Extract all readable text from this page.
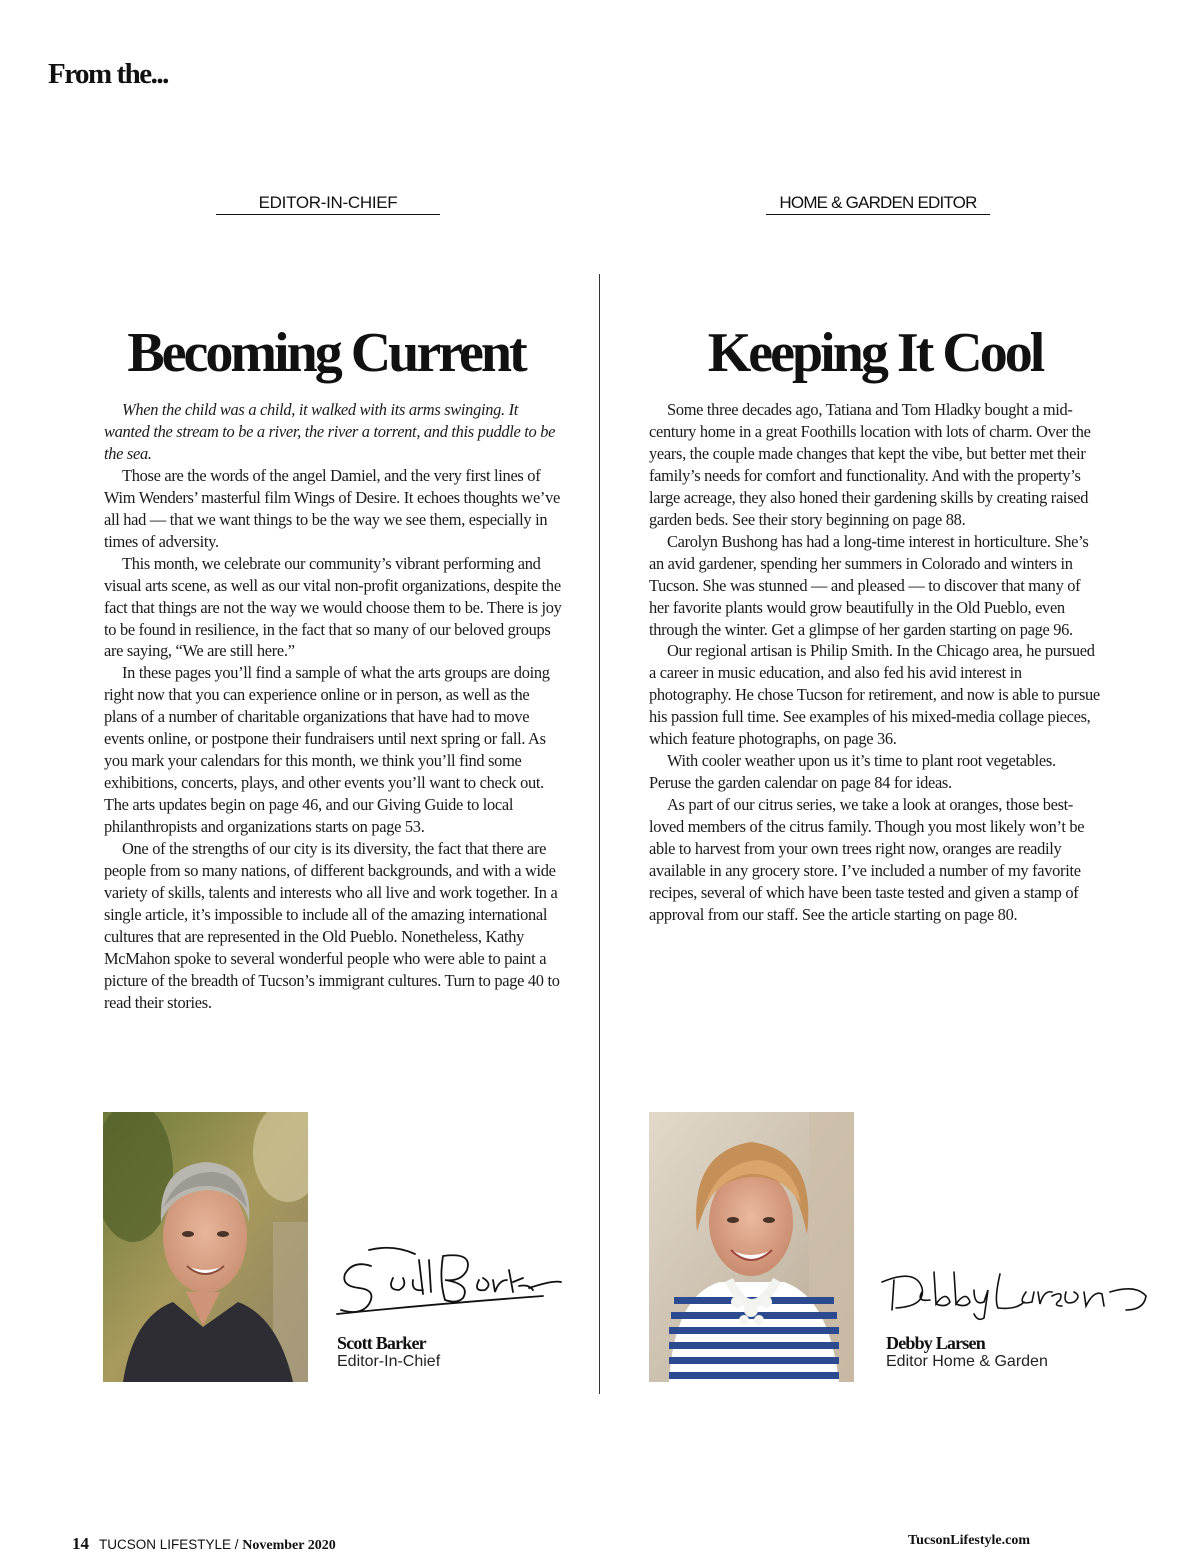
From the...
EDITOR-IN-CHIEF	HOME & GARDEN EDITOR
Becoming Current	Keeping It Cool

When the child was a child, it walked with its arms swinging. It wanted the stream to be a river, the river a torrent, and this puddle to be the sea.

Those are the words of the angel Damiel, and the very first lines of Wim Wenders’ masterful film Wings of Desire. It echoes thoughts we’ve all had — that we want things to be the way we see them, especially in times of adversity.

This month, we celebrate our community’s vibrant performing and visual arts scene, as well as our vital non-profit organizations, despite the fact that things are not the way we would choose them to be. There is joy to be found in resilience, in the fact that so many of our beloved groups are saying, “We are still here.”

In these pages you’ll find a sample of what the arts groups are doing right now that you can experience online or in person, as well as the plans of a number of charitable organizations that have had to move events online, or postpone their fundraisers until next spring or fall. As you mark your calendars for this month, we think you’ll find some exhibitions, concerts, plays, and other events you’ll want to check out. The arts updates begin on page 46, and our Giving Guide to local philanthropists and organizations starts on page 53.

One of the strengths of our city is its diversity, the fact that there are people from so many nations, of different backgrounds, and with a wide variety of skills, talents and interests who all live and work together. In a single article, it’s impossible to include all of the amazing international cultures that are represented in the Old Pueblo. Nonetheless, Kathy McMahon spoke to several wonderful people who were able to paint a picture of the breadth of Tucson’s immigrant cultures. Turn to page 40 to read their stories.

Some three decades ago, Tatiana and Tom Hladky bought a mid-century home in a great Foothills location with lots of charm. Over the years, the couple made changes that kept the vibe, but better met their family’s needs for comfort and functionality. And with the property’s large acreage, they also honed their gardening skills by creating raised garden beds. See their story beginning on page 88.

Carolyn Bushong has had a long-time interest in horticulture. She’s an avid gardener, spending her summers in Colorado and winters in Tucson. She was stunned — and pleased — to discover that many of her favorite plants would grow beautifully in the Old Pueblo, even through the winter. Get a glimpse of her garden starting on page 96.

Our regional artisan is Philip Smith. In the Chicago area, he pursued a career in music education, and also fed his avid interest in photography. He chose Tucson for retirement, and now is able to pursue his passion full time. See examples of his mixed-media collage pieces, which feature photographs, on page 36.

With cooler weather upon us it’s time to plant root vegetables. Peruse the garden calendar on page 84 for ideas.

As part of our citrus series, we take a look at oranges, those best-loved members of the citrus family. Though you most likely won’t be able to harvest from your own trees right now, oranges are readily available in any grocery store. I’ve included a number of my favorite recipes, several of which have been taste tested and given a stamp of approval from our staff. See the article starting on page 80.

Scott Barker
Editor-In-Chief
Debby Larsen
Editor Home & Garden
14 TUCSON LIFESTYLE / November 2020	TucsonLifestyle.com
